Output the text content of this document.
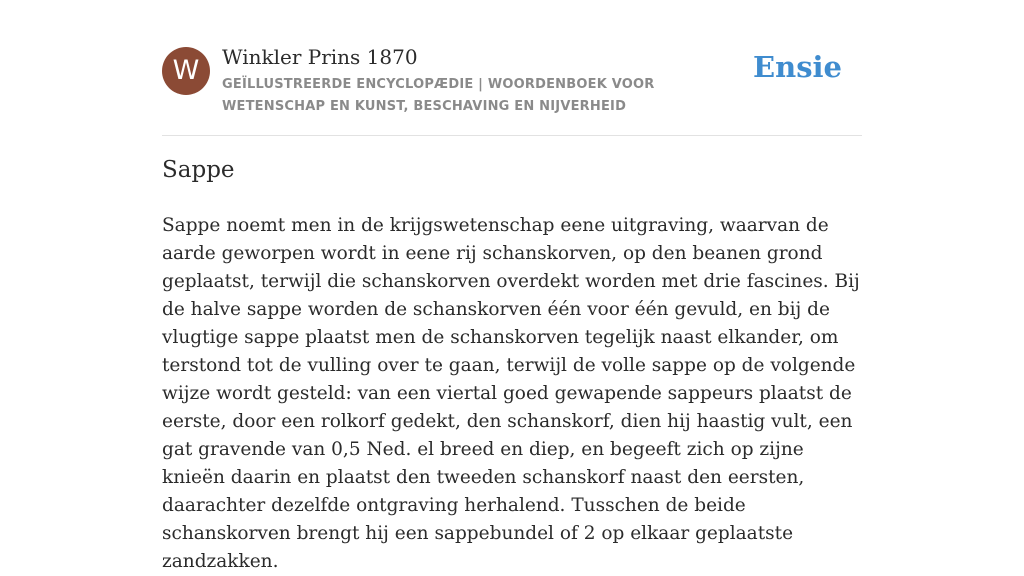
W	Winkler Prins 1870
GEÏLLUSTREERDE ENCYCLOPÆDIE | WOORDENBOEK VOOR WETENSCHAP EN KUNST, BESCHAVING EN NIJVERHEID
Ensie
Sappe

Sappe noemt men in de krijgswetenschap eene uitgraving, waarvan de aarde geworpen wordt in eene rij schanskorven, op den beanen grond geplaatst, terwijl die schanskorven overdekt worden met drie fascines. Bij de halve sappe worden de schanskorven één voor één gevuld, en bij de vlugtige sappe plaatst men de schanskorven tegelijk naast elkander, om terstond tot de vulling over te gaan, terwijl de volle sappe op de volgende wijze wordt gesteld: van een viertal goed gewapende sappeurs plaatst de eerste, door een rolkorf gedekt, den schanskorf, dien hij haastig vult, een gat gravende van 0,5 Ned. el breed en diep, en begeeft zich op zijne knieën daarin en plaatst den tweeden schanskorf naast den eersten, daarachter dezelfde ontgraving herhalend. Tusschen de beide schanskorven brengt hij een sappebundel of 2 op elkaar geplaatste zandzakken.
